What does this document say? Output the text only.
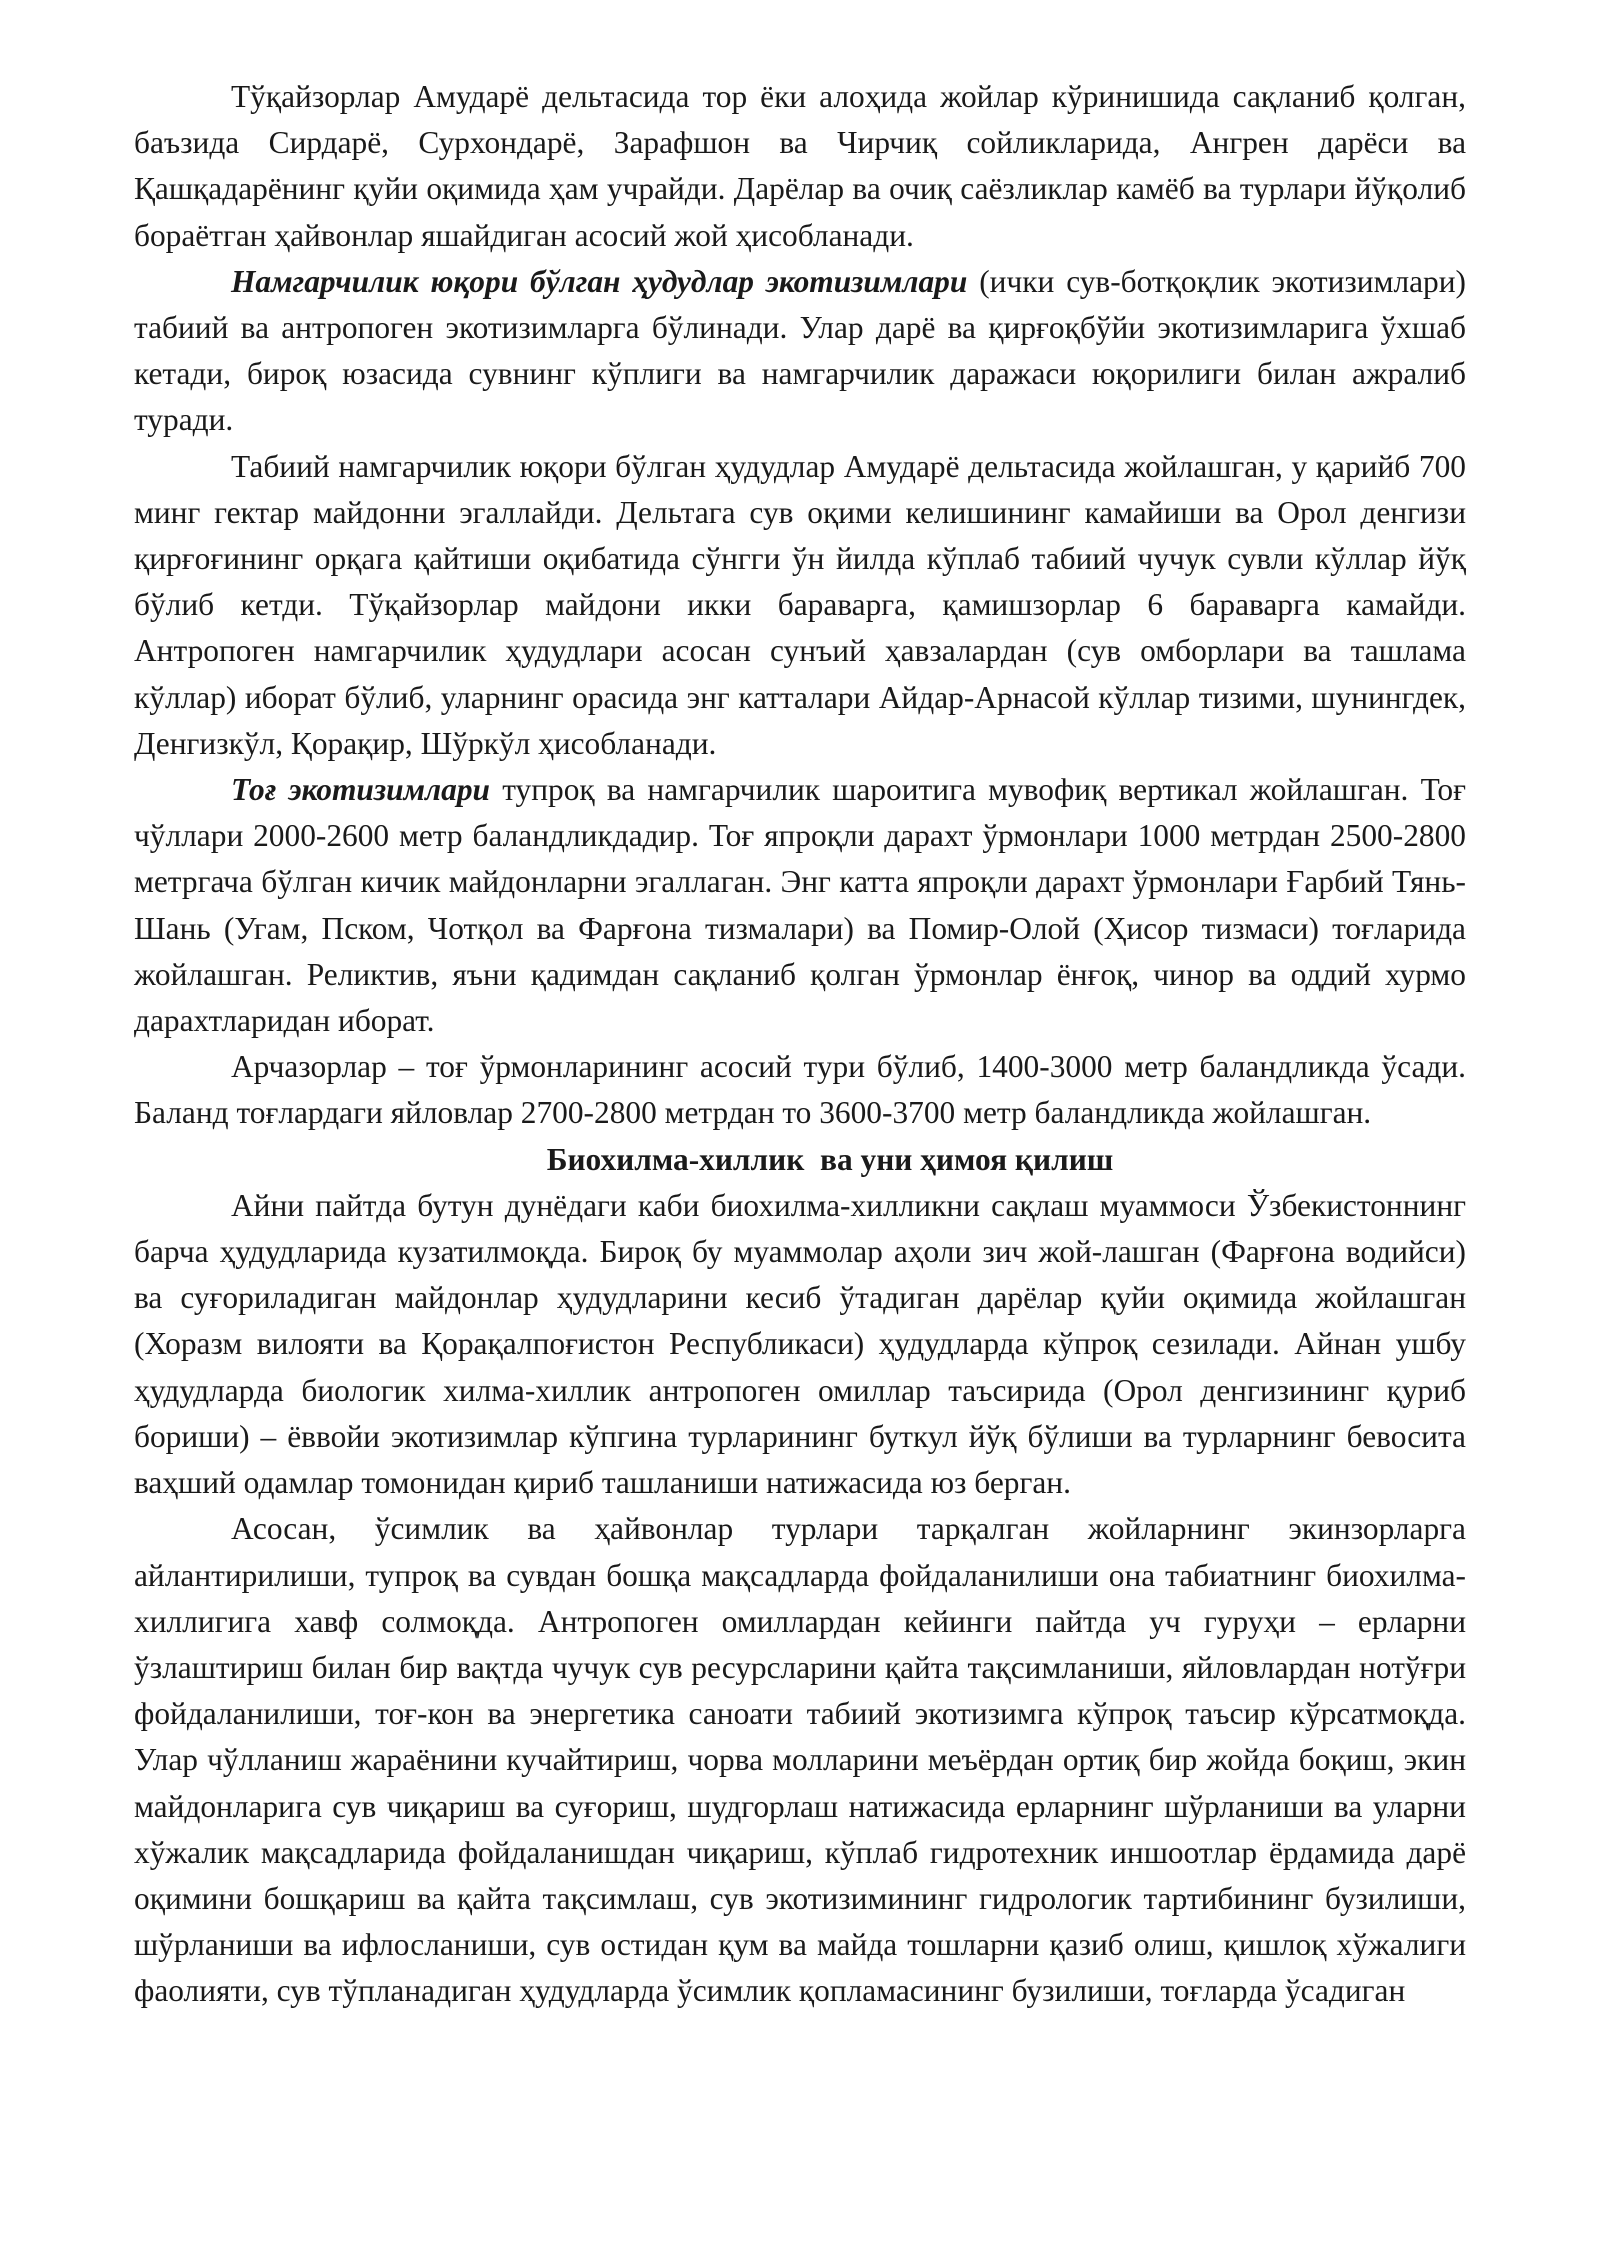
Тўқайзорлар Амударё дельтасида тор ёки алоҳида жойлар кўринишида сақланиб қолган, баъзида Сирдарё, Сурхондарё, Зарафшон ва Чирчиқ сойликларида, Ангрен дарёси ва Қашқадарёнинг қуйи оқимида ҳам учрайди. Дарёлар ва очиқ саёзликлар камёб ва турлари йўқолиб бораётган ҳайвонлар яшайдиган асосий жой ҳисобланади.

Намгарчилик юқори бўлган ҳудудлар экотизимлари (ички сув-ботқоқлик экотизимлари) табиий ва антропоген экотизимларга бўлинади. Улар дарё ва қирғоқбўйи экотизимларига ўхшаб кетади, бироқ юзасида сувнинг кўплиги ва намгарчилик даражаси юқорилиги билан ажралиб туради.

Табиий намгарчилик юқори бўлган ҳудудлар Амударё дельтасида жойлашган, у қарийб 700 минг гектар майдонни эгаллайди. Дельтага сув оқими келишининг камайиши ва Орол денгизи қирғоғининг орқага қайтиши оқибатида сўнгги ўн йилда кўплаб табиий чучук сувли кўллар йўқ бўлиб кетди. Тўқайзорлар майдони икки бараварга, қамишзорлар 6 бараварга камайди. Антропоген намгарчилик ҳудудлари асосан сунъий ҳавзалардан (сув омборлари ва ташлама кўллар) иборат бўлиб, уларнинг орасида энг катталари Айдар-Арнасой кўллар тизими, шунингдек, Денгизкўл, Қорақир, Шўркўл ҳисобланади.

Тоғ экотизимлари тупроқ ва намгарчилик шароитига мувофиқ вертикал жойлашган. Тоғ чўллари 2000-2600 метр баландликдадир. Тоғ япроқли дарахт ўрмонлари 1000 метрдан 2500-2800 метргача бўлган кичик майдонларни эгаллаган. Энг катта япроқли дарахт ўрмонлари Ғарбий Тянь-Шань (Угам, Пском, Чотқол ва Фарғона тизмалари) ва Помир-Олой (Ҳисор тизмаси) тоғларида жойлашган. Реликтив, яъни қадимдан сақланиб қолган ўрмонлар ёнғоқ, чинор ва оддий хурмо дарахтларидан иборат.

Арчазорлар – тоғ ўрмонларининг асосий тури бўлиб, 1400-3000 метр баландликда ўсади. Баланд тоғлардаги яйловлар 2700-2800 метрдан то 3600-3700 метр баландликда жойлашган.

Биохилма-хиллик  ва уни ҳимоя қилиш

Айни пайтда бутун дунёдаги каби биохилма-хилликни сақлаш муаммоси Ўзбекистоннинг барча ҳудудларида кузатилмоқда. Бироқ бу муаммолар аҳоли зич жой-лашган (Фарғона водийси) ва суғориладиган майдонлар ҳудудларини кесиб ўтадиган дарёлар қуйи оқимида жойлашган (Хоразм вилояти ва Қорақалпоғистон Республикаси) ҳудудларда кўпроқ сезилади. Айнан ушбу ҳудудларда биологик хилма-хиллик антропоген омиллар таъсирида (Орол денгизининг қуриб бориши) – ёввойи экотизимлар кўпгина турларининг буткул йўқ бўлиши ва турларнинг бевосита ваҳший одамлар томонидан қириб ташланиши натижасида юз берган.

Асосан, ўсимлик ва ҳайвонлар турлари тарқалган жойларнинг экинзорларга айлантирилиши, тупроқ ва сувдан бошқа мақсадларда фойдаланилиши она табиатнинг биохилма-хиллигига хавф солмоқда. Антропоген омиллардан кейинги пайтда уч гуруҳи – ерларни ўзлаштириш билан бир вақтда чучук сув ресурсларини қайта тақсимланиши, яйловлардан нотўғри фойдаланилиши, тоғ-кон ва энергетика саноати табиий экотизимга кўпроқ таъсир кўрсатмоқда. Улар чўлланиш жараёнини кучайтириш, чорва молларини меъёрдан ортиқ бир жойда боқиш, экин майдонларига сув чиқариш ва суғориш, шудгорлаш натижасида ерларнинг шўрланиши ва уларни хўжалик мақсадларида фойдаланишдан чиқариш, кўплаб гидротехник иншоотлар ёрдамида дарё оқимини бошқариш ва қайта тақсимлаш, сув экотизимининг гидрологик тартибининг бузилиши, шўрланиши ва ифлосланиши, сув остидан қум ва майда тошларни қазиб олиш, қишлоқ хўжалиги фаолияти, сув тўпланадиган ҳудудларда ўсимлик қопламасининг бузилиши, тоғларда ўсадиган
